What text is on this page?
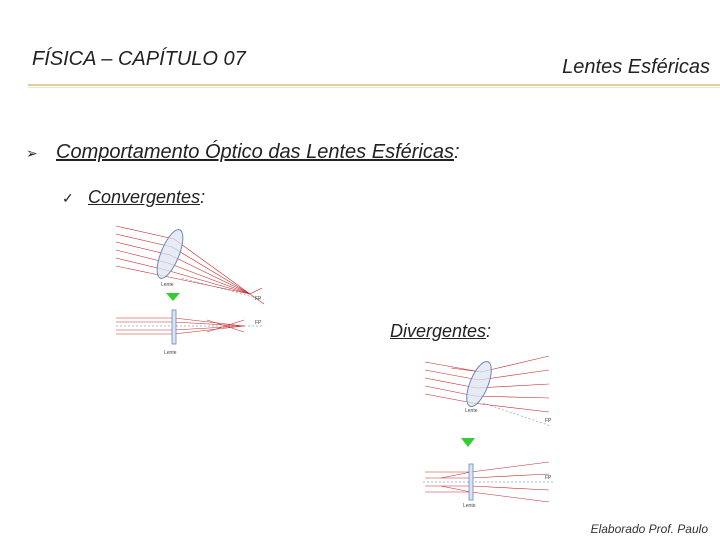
FÍSICA – CAPÍTULO 07	Lentes Esféricas
➢ Comportamento Óptico das Lentes Esféricas:
✓ Convergentes:
Lente
FP
Lente
FP	Divergentes:
Lente
FP
Lente
FP
Elaborado Prof. Paulo
